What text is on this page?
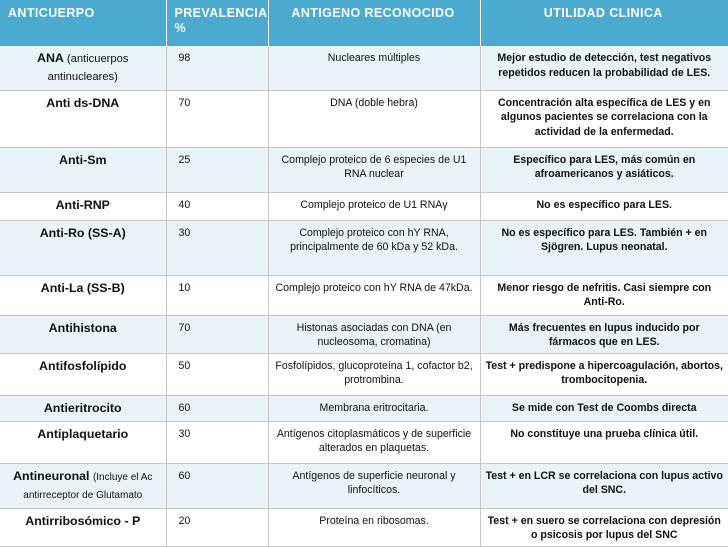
ANTICUERPO	PREVALENCIA %	ANTIGENO RECONOCIDO	UTILIDAD CLINICA
ANA (anticuerpos antinucleares)	98	Nucleares múltiples	Mejor estudio de detección, test negativos repetidos reducen la probabilidad de LES.
Anti ds-DNA	70	DNA (doble hebra)	Concentración alta específica de LES y en algunos pacientes se correlaciona con la actividad de la enfermedad.
Anti-Sm	25	Complejo proteico de 6 especies de U1 RNA nuclear	Específico para LES, más común en afroamericanos y asiáticos.
Anti-RNP	40	Complejo proteico de U1 RNAγ	No es específico para LES.
Anti-Ro (SS-A)	30	Complejo proteico con hY RNA, principalmente de 60 kDa y 52 kDa.	No es específico para LES. También + en Sjögren. Lupus neonatal.
Anti-La (SS-B)	10	Complejo proteico con hY RNA de 47kDa.	Menor riesgo de nefritis. Casi siempre con Anti-Ro.
Antihistona	70	Histonas asociadas con DNA (en nucleosoma, cromatina)	Más frecuentes en lupus inducido por fármacos que en LES.
Antifosfolípido	50	Fosfolípidos, glucoproteína 1, cofactor b2, protrombina.	Test + predispone a hipercoagulación, abortos, trombocitopenia.
Antieritrocito	60	Membrana eritrocitaria.	Se mide con Test de Coombs directa
Antiplaquetario	30	Antígenos citoplasmáticos y de superficie alterados en plaquetas.	No constituye una prueba clínica útil.
Antineuronal (Incluye el Ac antirreceptor de Glutamato	60	Antígenos de superficie neuronal y linfocíticos.	Test + en LCR se correlaciona con lupus activo del SNC.
Antirribosómico - P	20	Proteína en ribosomas.	Test + en suero se correlaciona con depresión o psicosis por lupus del SNC
